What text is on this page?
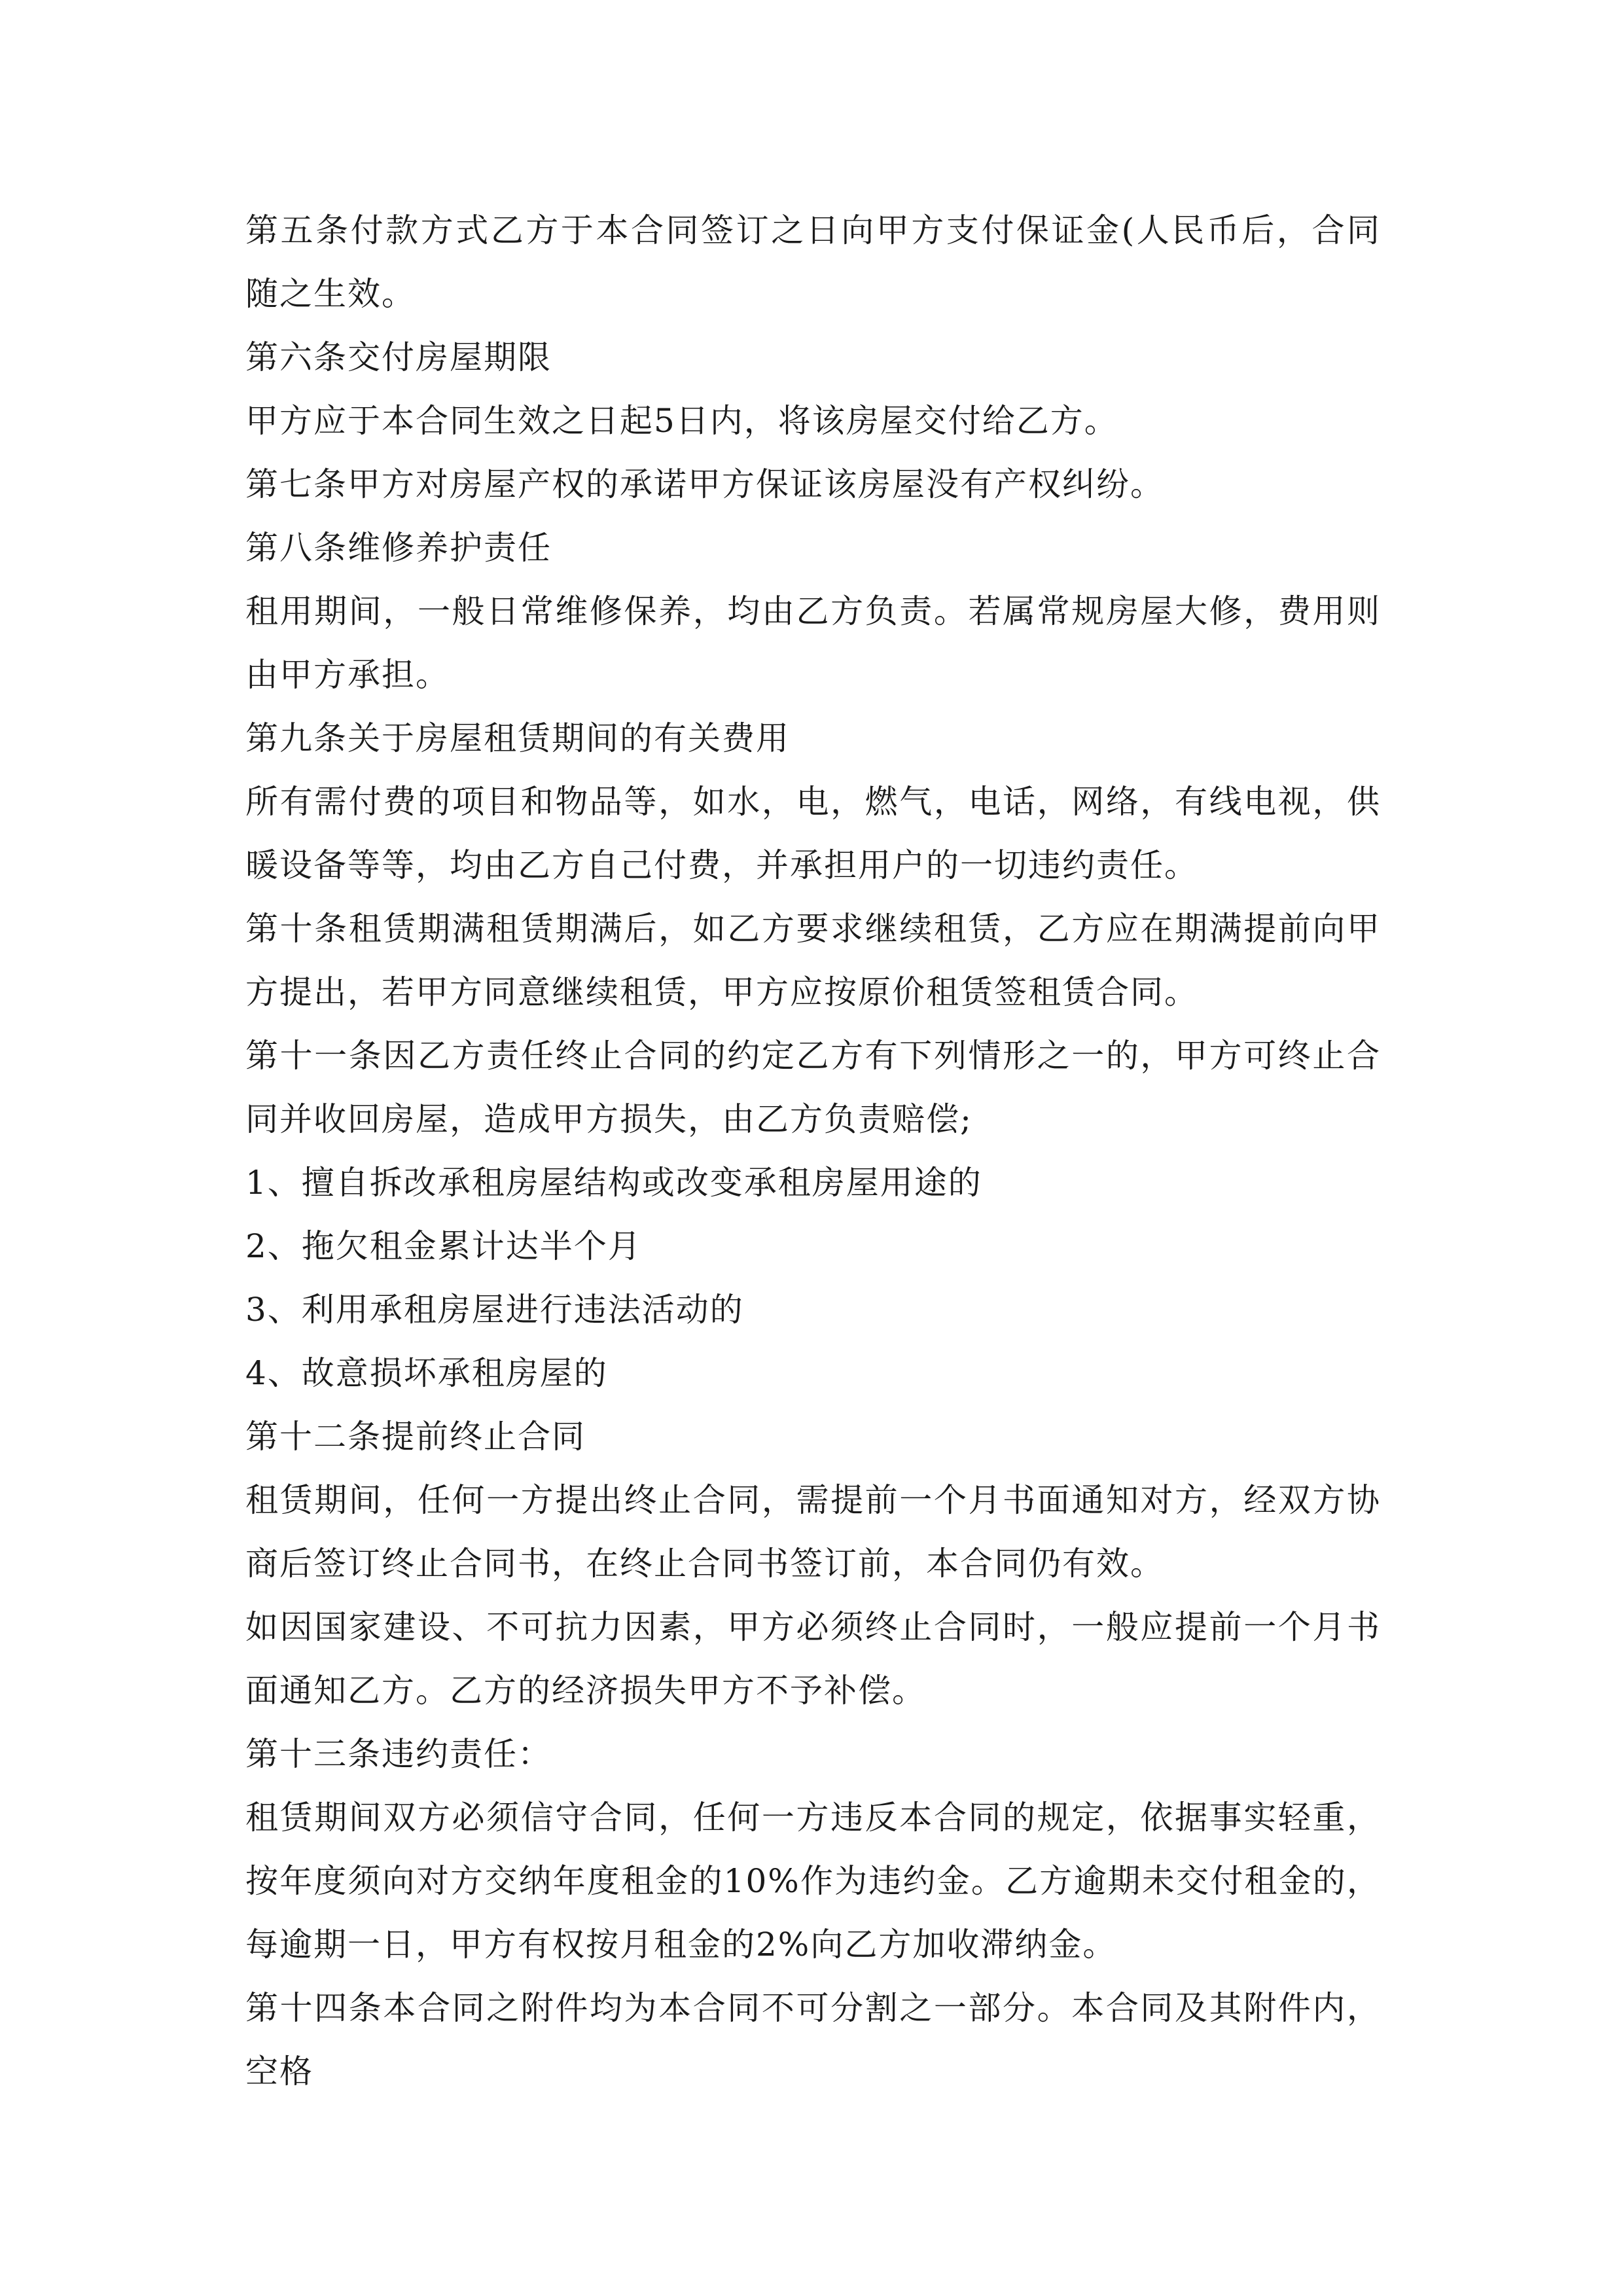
第五条付款方式乙方于本合同签订之日向甲方支付保证金(人民币后，合同随之生效。

第六条交付房屋期限

甲方应于本合同生效之日起5日内，将该房屋交付给乙方。

第七条甲方对房屋产权的承诺甲方保证该房屋没有产权纠纷。

第八条维修养护责任

租用期间，一般日常维修保养，均由乙方负责。若属常规房屋大修，费用则由甲方承担。

第九条关于房屋租赁期间的有关费用

所有需付费的项目和物品等，如水，电，燃气，电话，网络，有线电视，供暖设备等等，均由乙方自己付费，并承担用户的一切违约责任。

第十条租赁期满租赁期满后，如乙方要求继续租赁，乙方应在期满提前向甲方提出，若甲方同意继续租赁，甲方应按原价租赁签租赁合同。

第十一条因乙方责任终止合同的约定乙方有下列情形之一的，甲方可终止合同并收回房屋，造成甲方损失，由乙方负责赔偿;

1、擅自拆改承租房屋结构或改变承租房屋用途的

2、拖欠租金累计达半个月

3、利用承租房屋进行违法活动的

4、故意损坏承租房屋的

第十二条提前终止合同

租赁期间，任何一方提出终止合同，需提前一个月书面通知对方，经双方协商后签订终止合同书，在终止合同书签订前，本合同仍有效。

如因国家建设、不可抗力因素，甲方必须终止合同时，一般应提前一个月书面通知乙方。乙方的经济损失甲方不予补偿。

第十三条违约责任：

租赁期间双方必须信守合同，任何一方违反本合同的规定，依据事实轻重，按年度须向对方交纳年度租金的10%作为违约金。乙方逾期未交付租金的，每逾期一日，甲方有权按月租金的2%向乙方加收滞纳金。

第十四条本合同之附件均为本合同不可分割之一部分。本合同及其附件内，空格
